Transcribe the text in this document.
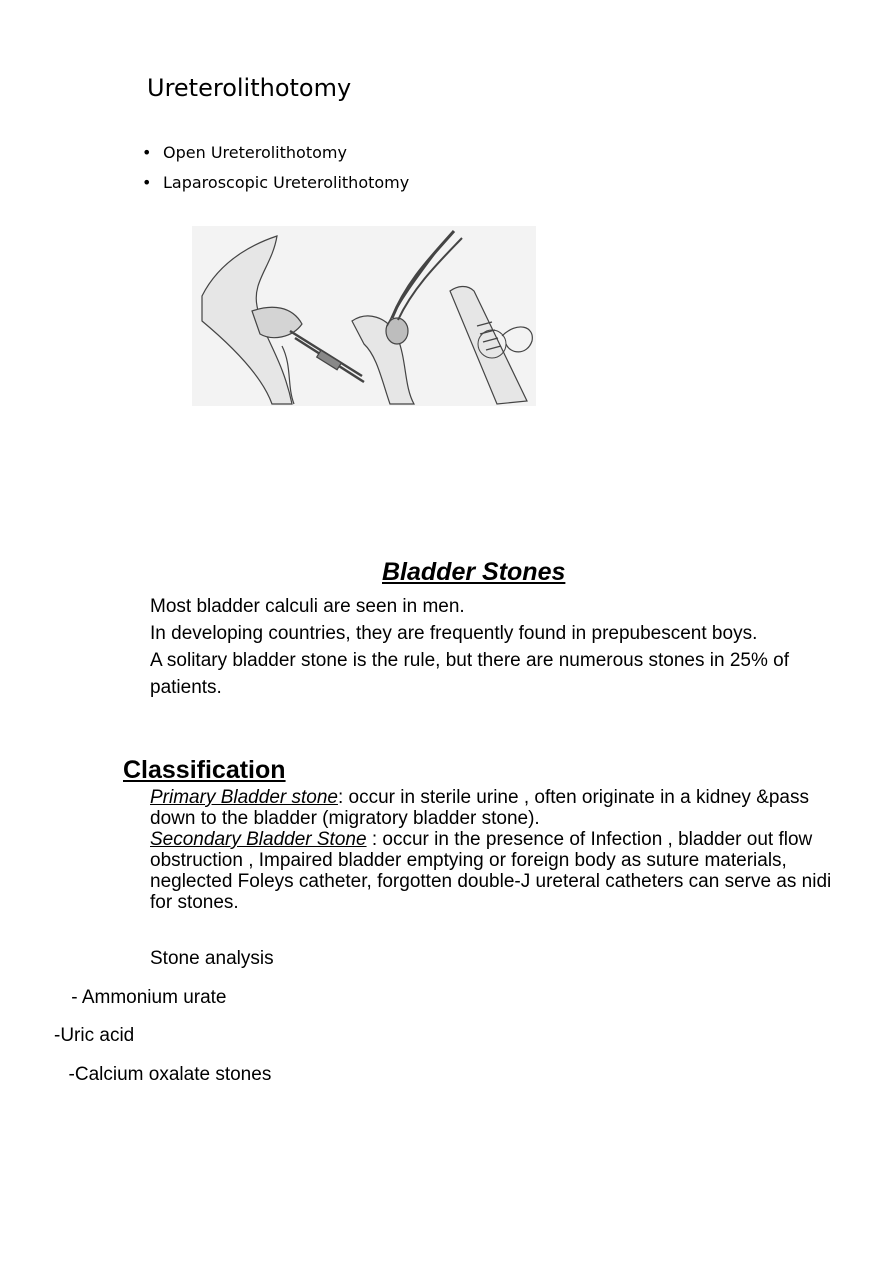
Ureterolithotomy
• Open Ureterolithotomy
• Laparoscopic Ureterolithotomy
Bladder Stones

Most bladder calculi are seen in men.

In developing countries, they are frequently found in prepubescent boys.

A solitary bladder stone is the rule, but there are numerous stones in 25% of patients.

Classification

Primary Bladder stone: occur in sterile urine , often originate in a kidney &pass down to the bladder (migratory bladder stone).

Secondary Bladder Stone : occur in the presence of Infection , bladder out flow obstruction , Impaired bladder emptying or foreign body as suture materials, neglected Foleys catheter, forgotten double-J ureteral catheters can serve as nidi for stones.

Stone analysis
- Ammonium urate
-Uric acid
-Calcium oxalate stones
